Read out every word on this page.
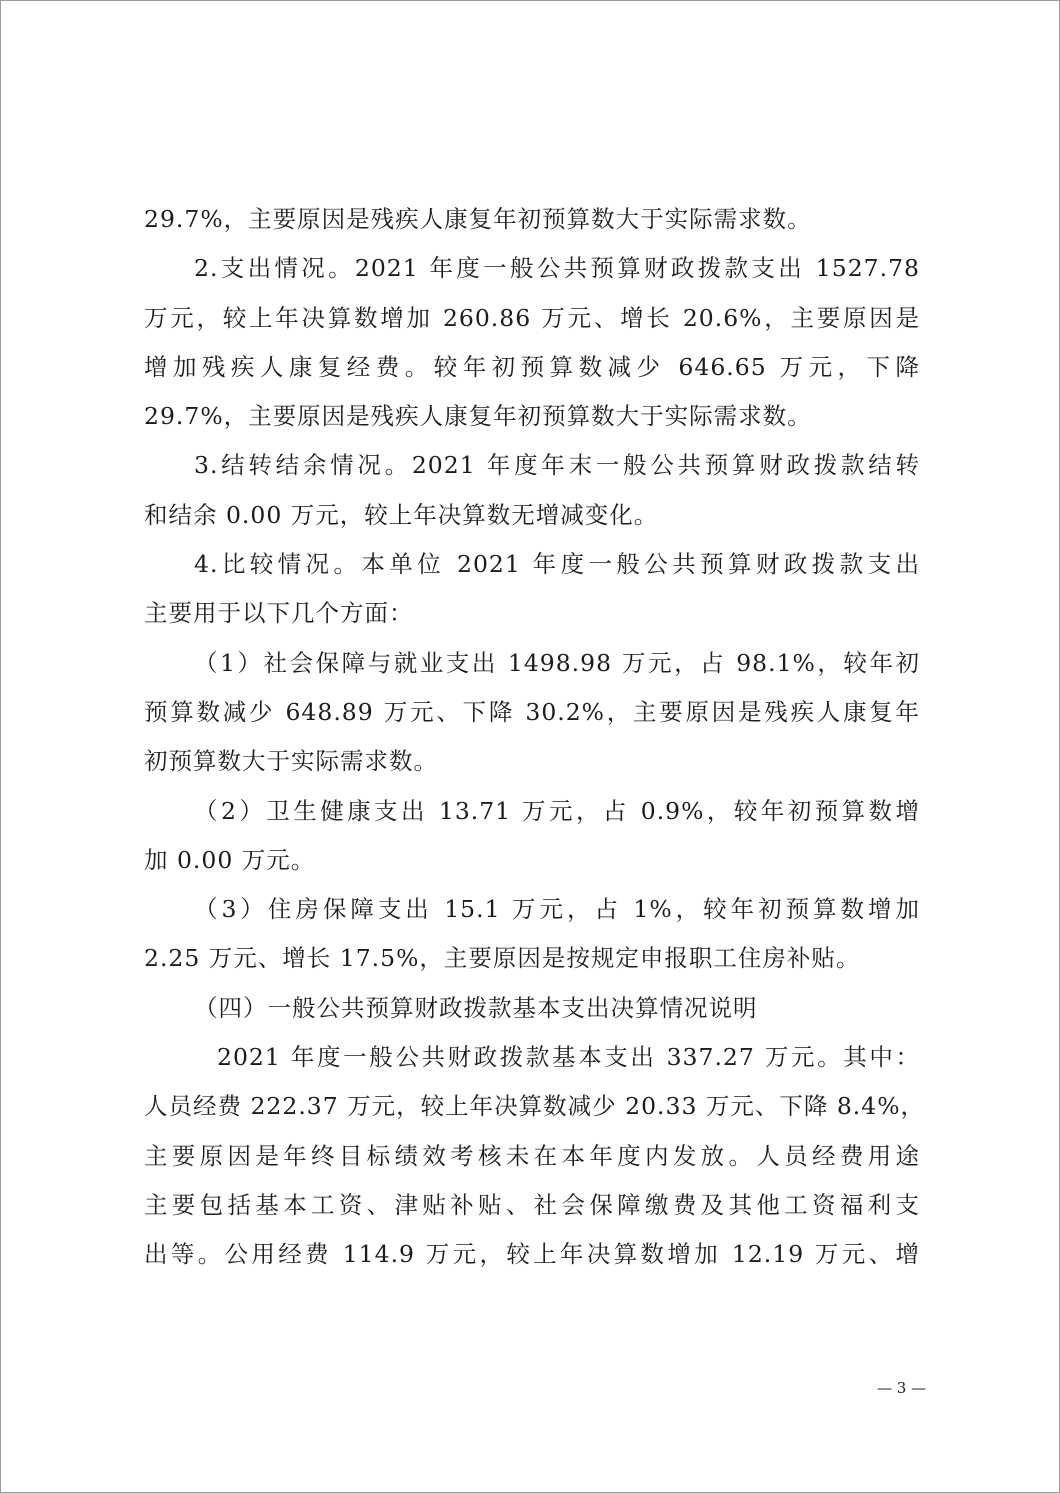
29.7%，主要原因是残疾人康复年初预算数大于实际需求数。
2.支出情况。2021 年度一般公共预算财政拨款支出 1527.78
万元，较上年决算数增加 260.86 万元、增长 20.6%，主要原因是
增加残疾人康复经费。较年初预算数减少 646.65 万元，下降
29.7%，主要原因是残疾人康复年初预算数大于实际需求数。
3.结转结余情况。2021 年度年末一般公共预算财政拨款结转
和结余 0.00 万元，较上年决算数无增减变化。
4.比较情况。本单位 2021 年度一般公共预算财政拨款支出
主要用于以下几个方面：
（1）社会保障与就业支出 1498.98 万元，占 98.1%，较年初
预算数减少 648.89 万元、下降 30.2%，主要原因是残疾人康复年
初预算数大于实际需求数。
（2）卫生健康支出 13.71 万元，占 0.9%，较年初预算数增
加 0.00 万元。
（3）住房保障支出 15.1 万元，占 1%，较年初预算数增加
2.25 万元、增长 17.5%，主要原因是按规定申报职工住房补贴。
（四）一般公共预算财政拨款基本支出决算情况说明
2021 年度一般公共财政拨款基本支出 337.27 万元。其中：
人员经费 222.37 万元，较上年决算数减少 20.33 万元、下降 8.4%，
主要原因是年终目标绩效考核未在本年度内发放。人员经费用途
主要包括基本工资、津贴补贴、社会保障缴费及其他工资福利支
出等。公用经费 114.9 万元，较上年决算数增加 12.19 万元、增
— 3 —
